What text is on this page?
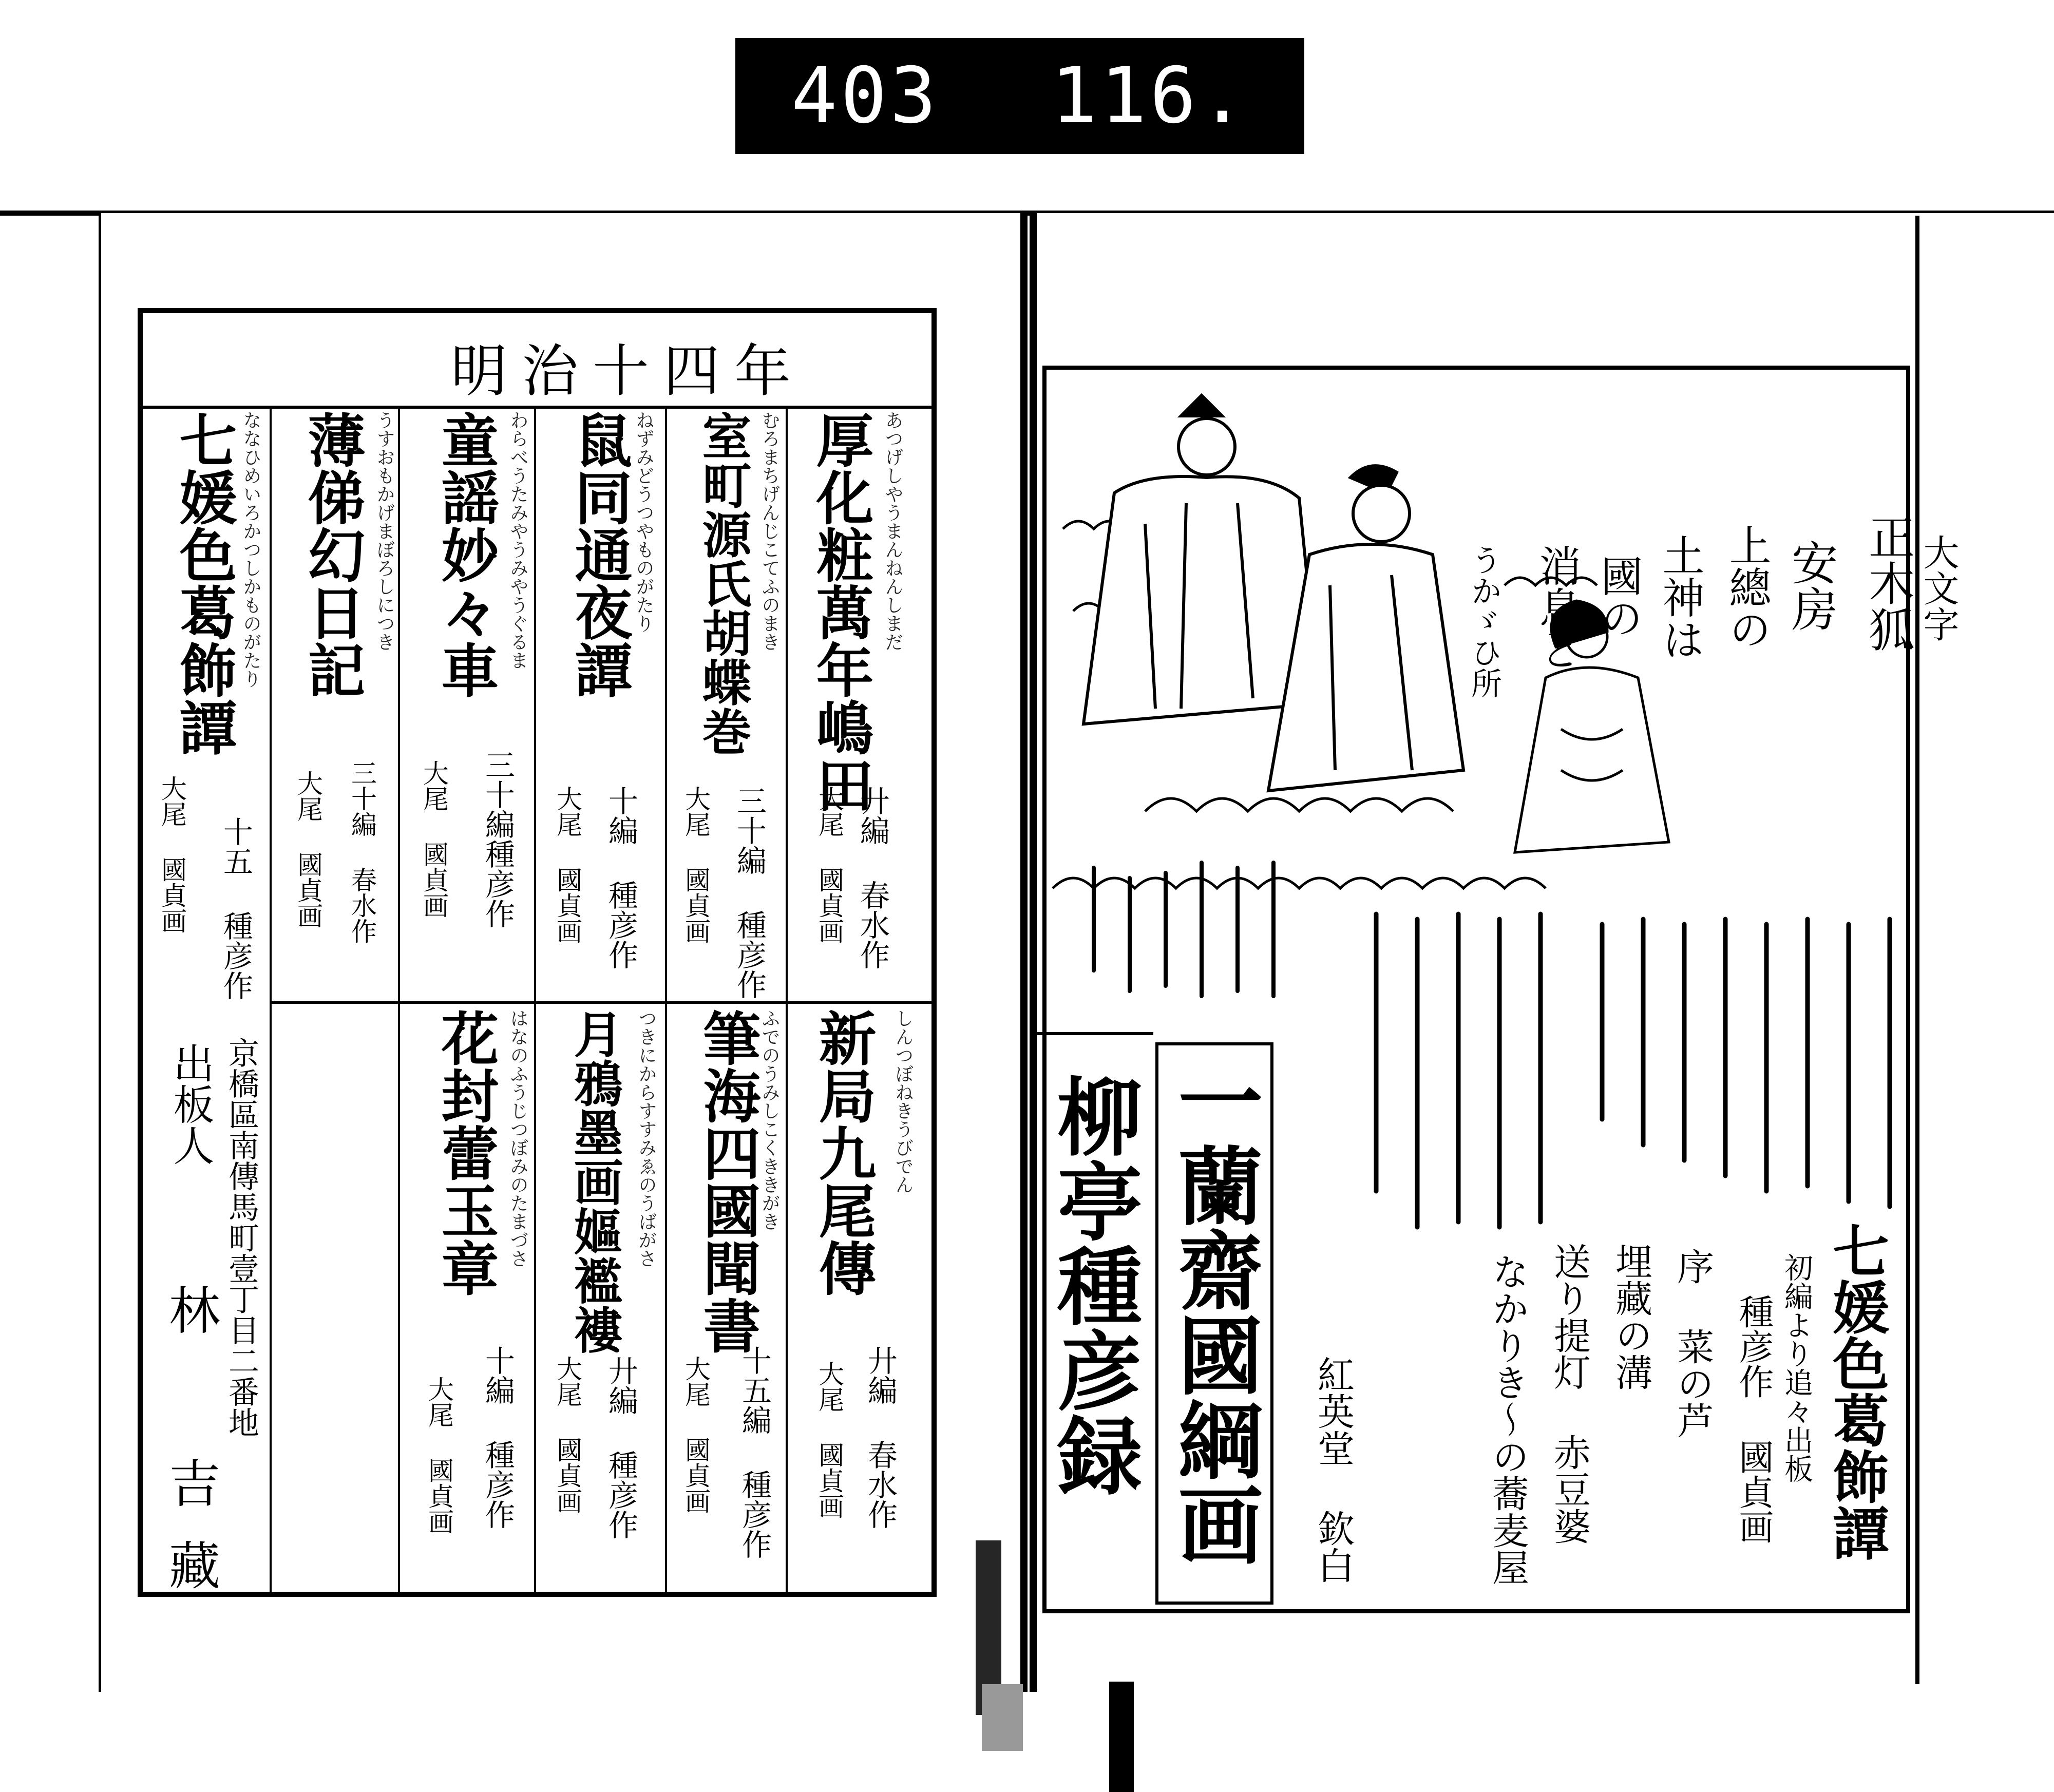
403 116.
明治十四年
あつげしやうまんねんしまだ
厚化粧萬年嶋田
廾編 春水作
大尾 國貞画
むろまちげんじこてふのまき
室町源氏胡蝶巻
三十編 種彦作
大尾 國貞画
ねずみどうつやものがたり
鼠同通夜譚
十編 種彦作
大尾 國貞画
わらべうたみやうみやうぐるま
童謡妙々車
三十編種彦作
大尾 國貞画
うすおもかげまぼろしにつき
薄俤幻日記
三十編 春水作
大尾 國貞画
ななひめいろかつしかものがたり
七媛色葛飾譚
十五 種彦作
大尾 國貞画
しんつぼねきうびでん
新局九尾傳
廾編 春水作
大尾 國貞画
ふでのうみしこくききがき
筆海四國聞書
十五編 種彦作
大尾 國貞画
つきにからすすみゑのうばがさ
月鴉墨画嫗襤褸
廾編 種彦作
大尾 國貞画
はなのふうじつぼみのたまづさ
花封蕾玉章
十編 種彦作
大尾 國貞画
京橋區南傳馬町壹丁目二番地
出板人
林 吉藏
大文字
正木狐
安房
上總の
土神は
國の
消息と
うかゞひ所
七媛色葛飾譚
初編より追々出板
種彦作 國貞画
序 菜の芦
埋藏の溝
送り提灯 赤豆婆
なかりき〜の蕎麦屋
紅英堂 欽白
一蘭齋國綱画
柳亭種彦録
